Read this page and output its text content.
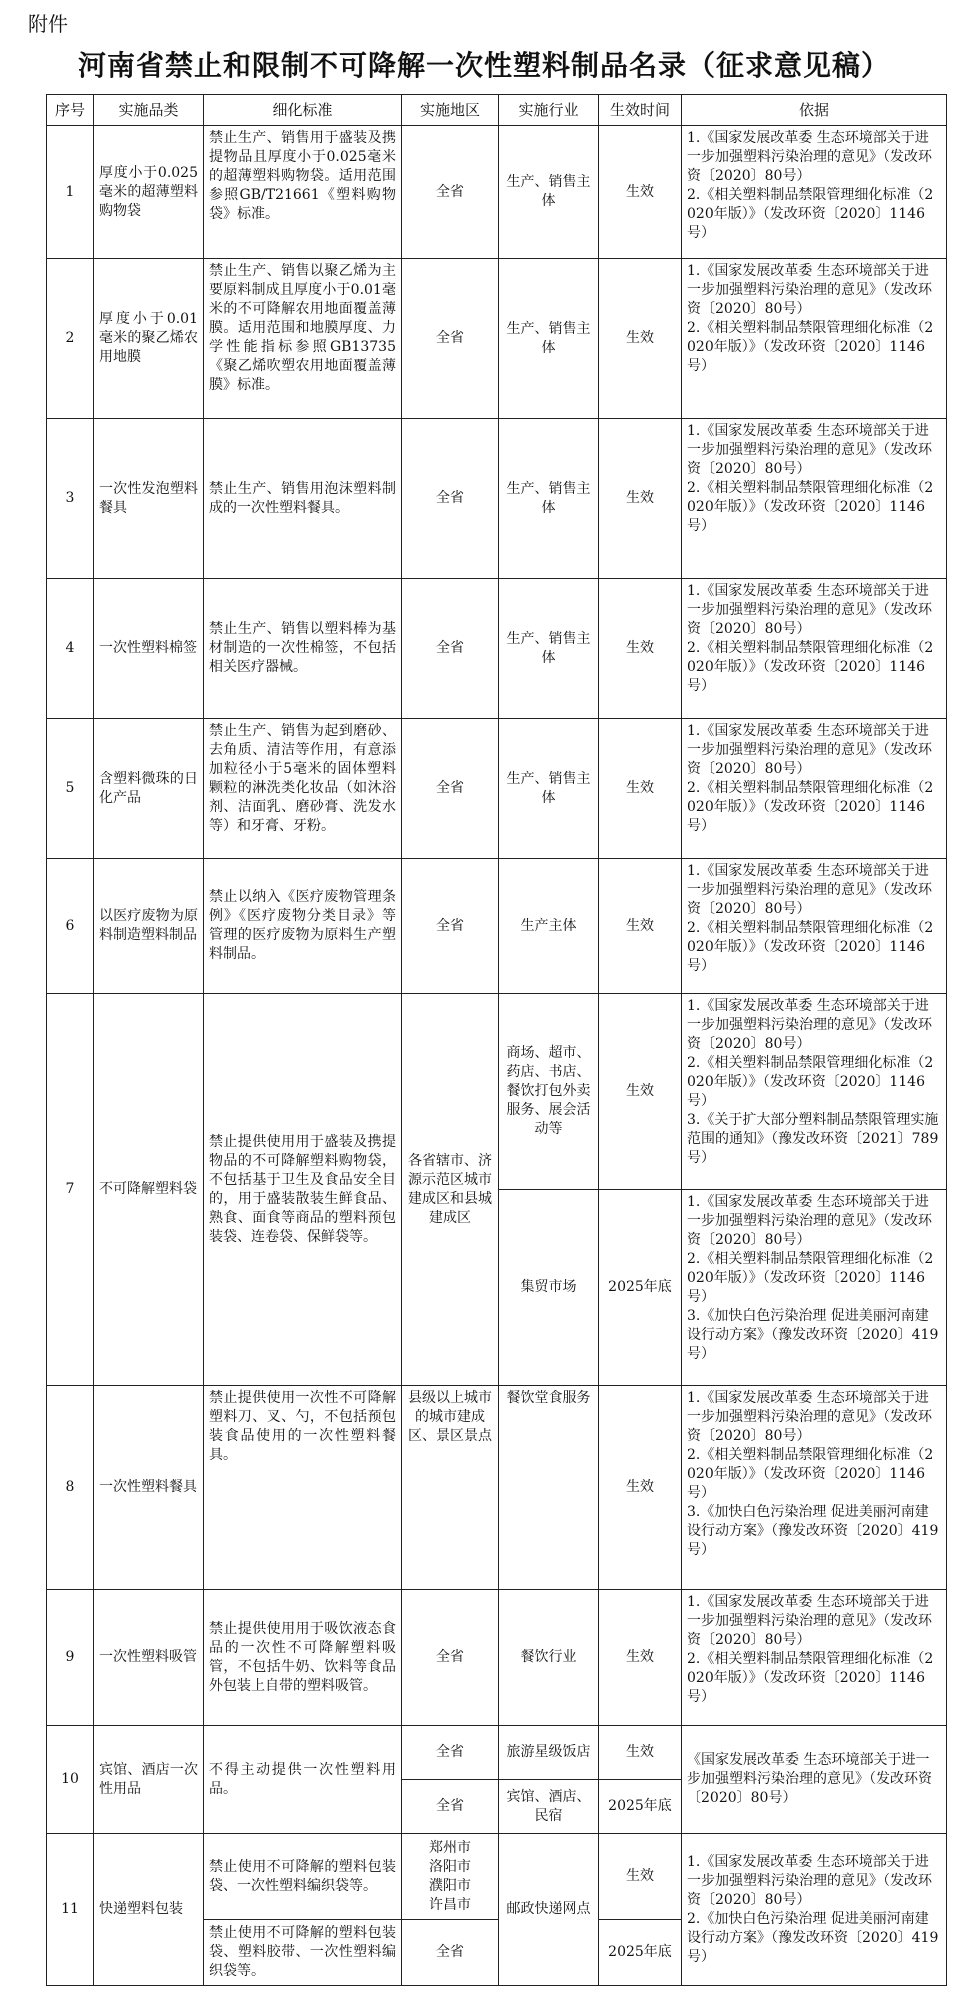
附件
河南省禁止和限制不可降解一次性塑料制品名录（征求意见稿）
序号	实施品类	细化标准	实施地区	实施行业	生效时间	依据
1	厚度小于0.025毫米的超薄塑料购物袋	禁止生产、销售用于盛装及携提物品且厚度小于0.025毫米的超薄塑料购物袋。适用范围参照GB/T21661《塑料购物袋》标准。	全省	生产、销售主体	生效	1.《国家发展改革委 生态环境部关于进一步加强塑料污染治理的意见》（发改环资〔2020〕80号）
2.《相关塑料制品禁限管理细化标准（2020年版）》（发改环资〔2020〕1146号）
2	厚度小于0.01毫米的聚乙烯农用地膜	禁止生产、销售以聚乙烯为主要原料制成且厚度小于0.01毫米的不可降解农用地面覆盖薄膜。适用范围和地膜厚度、力学性能指标参照GB13735《聚乙烯吹塑农用地面覆盖薄膜》标准。	全省	生产、销售主体	生效	1.《国家发展改革委 生态环境部关于进一步加强塑料污染治理的意见》（发改环资〔2020〕80号）
2.《相关塑料制品禁限管理细化标准（2020年版）》（发改环资〔2020〕1146号）
3	一次性发泡塑料餐具	禁止生产、销售用泡沫塑料制成的一次性塑料餐具。	全省	生产、销售主体	生效	1.《国家发展改革委 生态环境部关于进一步加强塑料污染治理的意见》（发改环资〔2020〕80号）
2.《相关塑料制品禁限管理细化标准（2020年版）》（发改环资〔2020〕1146号）
4	一次性塑料棉签	禁止生产、销售以塑料棒为基材制造的一次性棉签，不包括相关医疗器械。	全省	生产、销售主体	生效	1.《国家发展改革委 生态环境部关于进一步加强塑料污染治理的意见》（发改环资〔2020〕80号）
2.《相关塑料制品禁限管理细化标准（2020年版）》（发改环资〔2020〕1146号）
5	含塑料微珠的日化产品	禁止生产、销售为起到磨砂、去角质、清洁等作用，有意添加粒径小于5毫米的固体塑料颗粒的淋洗类化妆品（如沐浴剂、洁面乳、磨砂膏、洗发水等）和牙膏、牙粉。	全省	生产、销售主体	生效	1.《国家发展改革委 生态环境部关于进一步加强塑料污染治理的意见》（发改环资〔2020〕80号）
2.《相关塑料制品禁限管理细化标准（2020年版）》（发改环资〔2020〕1146号）
6	以医疗废物为原料制造塑料制品	禁止以纳入《医疗废物管理条例》《医疗废物分类目录》等管理的医疗废物为原料生产塑料制品。	全省	生产主体	生效	1.《国家发展改革委 生态环境部关于进一步加强塑料污染治理的意见》（发改环资〔2020〕80号）
2.《相关塑料制品禁限管理细化标准（2020年版）》（发改环资〔2020〕1146号）
7	不可降解塑料袋	禁止提供使用用于盛装及携提物品的不可降解塑料购物袋，不包括基于卫生及食品安全目的，用于盛装散装生鲜食品、熟食、面食等商品的塑料预包装袋、连卷袋、保鲜袋等。	各省辖市、济源示范区城市建成区和县城建成区	商场、超市、药店、书店、餐饮打包外卖服务、展会活动等	生效	1.《国家发展改革委 生态环境部关于进一步加强塑料污染治理的意见》（发改环资〔2020〕80号）
2.《相关塑料制品禁限管理细化标准（2020年版）》（发改环资〔2020〕1146号）
3.《关于扩大部分塑料制品禁限管理实施范围的通知》（豫发改环资〔2021〕789号）

				集贸市场	2025年底	1.《国家发展改革委 生态环境部关于进一步加强塑料污染治理的意见》（发改环资〔2020〕80号）
2.《相关塑料制品禁限管理细化标准（2020年版）》（发改环资〔2020〕1146号）
3.《加快白色污染治理 促进美丽河南建设行动方案》（豫发改环资〔2020〕419号）

8	一次性塑料餐具	禁止提供使用一次性不可降解塑料刀、叉、勺，不包括预包装食品使用的一次性塑料餐具。	县级以上城市的城市建成区、景区景点	餐饮堂食服务	生效	1.《国家发展改革委 生态环境部关于进一步加强塑料污染治理的意见》（发改环资〔2020〕80号）
2.《相关塑料制品禁限管理细化标准（2020年版）》（发改环资〔2020〕1146号）
3.《加快白色污染治理 促进美丽河南建设行动方案》（豫发改环资〔2020〕419号）

9	一次性塑料吸管	禁止提供使用用于吸饮液态食品的一次性不可降解塑料吸管，不包括牛奶、饮料等食品外包装上自带的塑料吸管。	全省	餐饮行业	生效	1.《国家发展改革委 生态环境部关于进一步加强塑料污染治理的意见》（发改环资〔2020〕80号）
2.《相关塑料制品禁限管理细化标准（2020年版）》（发改环资〔2020〕1146号）
10	宾馆、酒店一次性用品	不得主动提供一次性塑料用品。	全省	旅游星级饭店	生效	《国家发展改革委 生态环境部关于进一步加强塑料污染治理的意见》（发改环资〔2020〕80号）
			全省	宾馆、酒店、民宿	2025年底	
11	快递塑料包装	禁止使用不可降解的塑料包装袋、一次性塑料编织袋等。	郑州市
洛阳市
濮阳市
许昌市	邮政快递网点	生效	1.《国家发展改革委 生态环境部关于进一步加强塑料污染治理的意见》（发改环资〔2020〕80号）
2.《加快白色污染治理 促进美丽河南建设行动方案》（豫发改环资〔2020〕419号）
		禁止使用不可降解的塑料包装袋、塑料胶带、一次性塑料编织袋等。	全省		2025年底	
